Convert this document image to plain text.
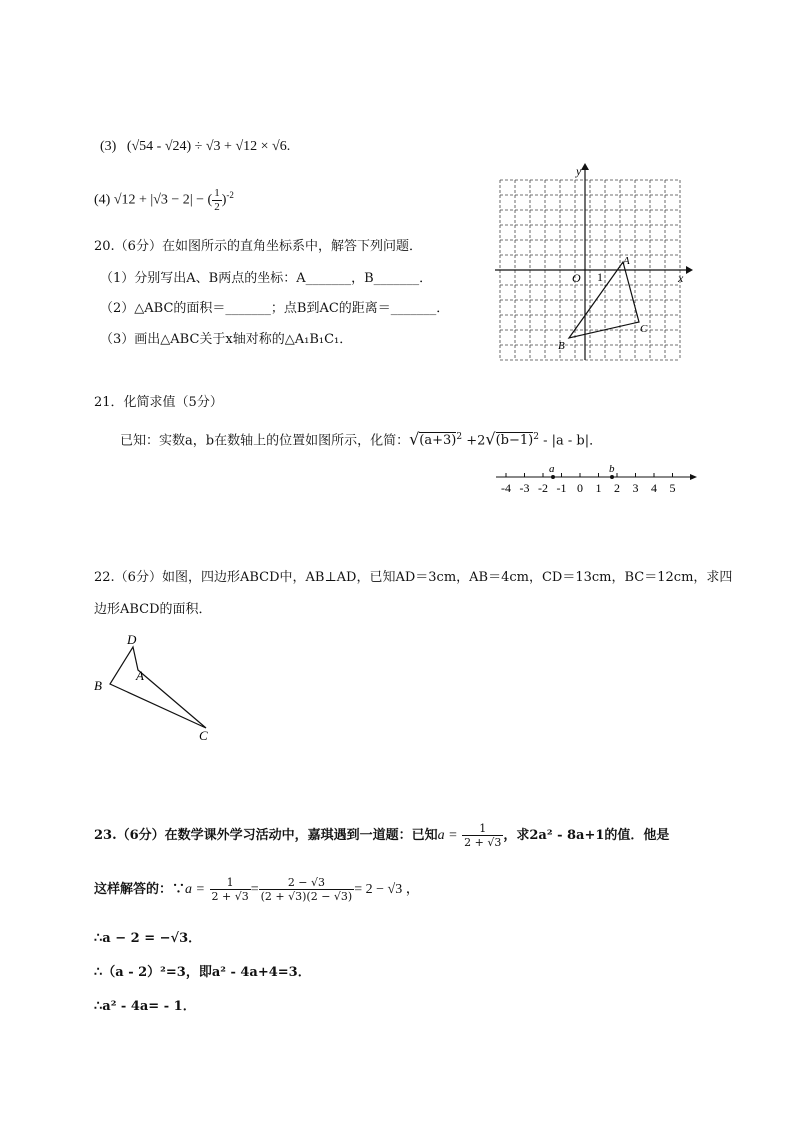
(3) (√54 - √24) ÷ √3 + √12 × √6.
(4) √12 + |√3 − 2| − ( $\frac{1}{2} )^{-2}$
20.（6分）在如图所示的直角坐标系中，解答下列问题．
（1）分别写出A、B两点的坐标：A_______，B_______．
（2）△ABC的面积＝_______；点B到AC的距离＝_______．
（3）画出△ABC关于x轴对称的△A₁B₁C₁．
x
y
O 1
A
B
C
21．化简求值（5分）
已知：实数a，b在数轴上的位置如图所示，化简：$√(a+3)^2 +2√(b-1)^2 - |a - b|$．
-4 -3 -2 -1 0 1 2 3 4 5
a	b
22.（6分）如图，四边形ABCD中，AB⊥AD，已知AD＝3cm，AB＝4cm，CD＝13cm，BC＝12cm，求四
边形ABCD的面积．
D
A
B
C
23.（6分）在数学课外学习活动中，嘉琪遇到一道题：已知$a = \frac{1}{2 + √3}$ ，求2a² - 8a+1的值．他是
这样解答的：∵a = $\frac{1}{2 + √3} = \frac{2 - √3}{(2 + √3)(2 - √3)} = 2 - √3$ ，
∴a − 2 = −√3．
∴（a - 2）²=3，即a² - 4a+4=3．
∴a² - 4a= - 1．
